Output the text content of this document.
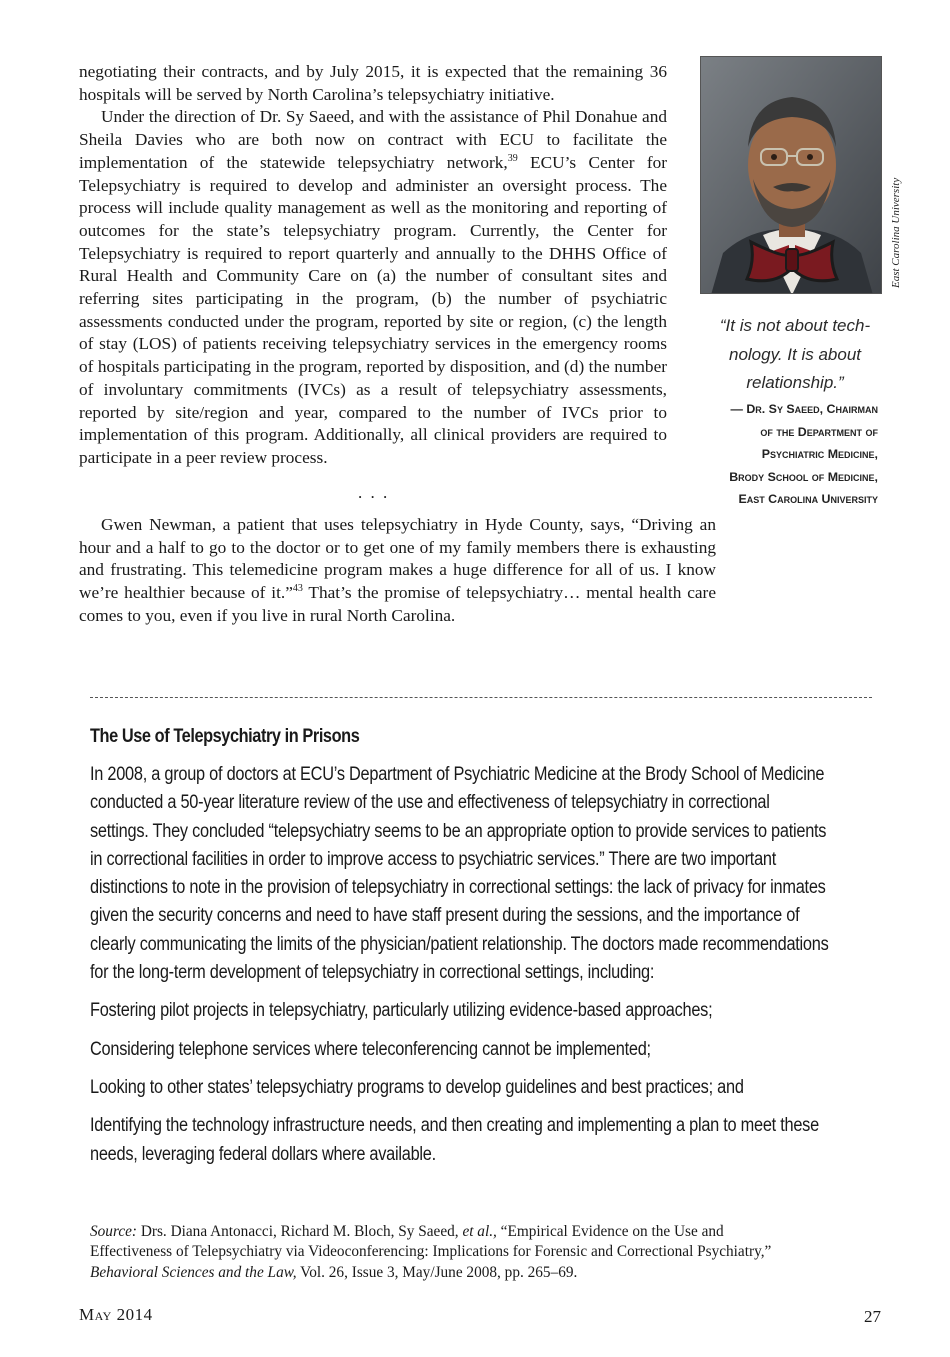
negotiating their contracts, and by July 2015, it is expected that the remaining 36 hospitals will be served by North Carolina’s telepsychiatry initiative.

Under the direction of Dr. Sy Saeed, and with the assistance of Phil Donahue and Sheila Davies who are both now on contract with ECU to facilitate the implementation of the statewide telepsychiatry network,$^{39}$ ECU’s Center for Telepsychiatry is required to develop and administer an oversight process. The process will include quality management as well as the monitoring and reporting of outcomes for the state’s telepsychiatry program. Currently, the Center for Telepsychiatry is required to report quarterly and annually to the DHHS Office of Rural Health and Community Care on (a) the number of consultant sites and referring sites participating in the program, (b) the number of psychiatric assessments conducted under the program, reported by site or region, (c) the length of stay (LOS) of patients receiving telepsychiatry services in the emergency rooms of hospitals participating in the program, reported by disposition, and (d) the number of involuntary commitments (IVCs) as a result of telepsychiatry assessments, reported by site/region and year, compared to the number of IVCs prior to implementation of this program. Additionally, all clinical providers are required to participate in a peer review process.

East Carolina University
“It is not about tech-
nology. It is about
relationship.”
— Dr. Sy Saeed, Chairman
of the Department of
Psychiatric Medicine,
Brody School of Medicine,
East Carolina University
. . .

Gwen Newman, a patient that uses telepsychiatry in Hyde County, says, “Driving an hour and a half to go to the doctor or to get one of my family members there is exhausting and frustrating. This telemedicine program makes a huge difference for all of us. I know we’re healthier because of it.”$^{43}$ That’s the promise of telepsychiatry… mental health care comes to you, even if you live in rural North Carolina.

The Use of Telepsychiatry in Prisons

In 2008, a group of doctors at ECU’s Department of Psychiatric Medicine at the Brody School of Medicine conducted a 50-year literature review of the use and effectiveness of telepsychiatry in correctional settings. They concluded “telepsychiatry seems to be an appropriate option to provide services to patients in correctional facilities in order to improve access to psychiatric services.” There are two important distinctions to note in the provision of telepsychiatry in correctional settings: the lack of privacy for inmates given the security concerns and need to have staff present during the sessions, and the importance of clearly communicating the limits of the physician/patient relationship. The doctors made recommendations for the long-term development of telepsychiatry in correctional settings, including:

Fostering pilot projects in telepsychiatry, particularly utilizing evidence-based approaches;

Considering telephone services where teleconferencing cannot be implemented;

Looking to other states’ telepsychiatry programs to develop guidelines and best practices; and

Identifying the technology infrastructure needs, and then creating and implementing a plan to meet these needs, leveraging federal dollars where available.

Source: Drs. Diana Antonacci, Richard M. Bloch, Sy Saeed, et al., “Empirical Evidence on the Use and Effectiveness of Telepsychiatry via Videoconferencing: Implications for Forensic and Correctional Psychiatry,” Behavioral Sciences and the Law, Vol. 26, Issue 3, May/June 2008, pp. 265–69.

May 2014	27
